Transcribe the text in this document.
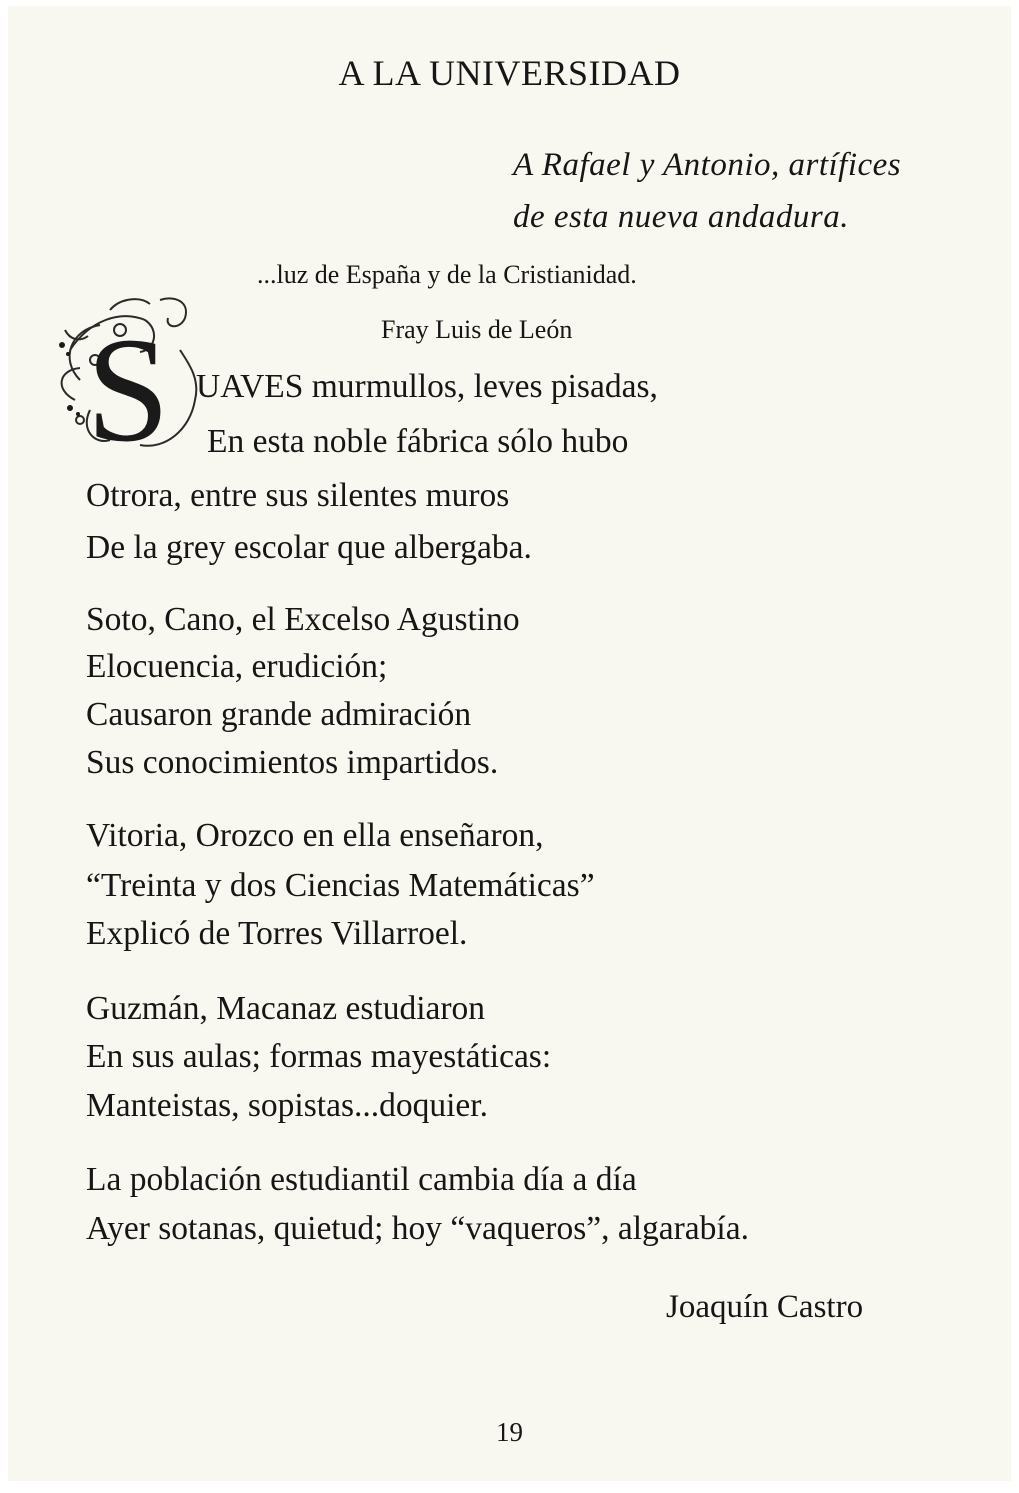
A LA UNIVERSIDAD
A Rafael y Antonio, artífices
de esta nueva andadura.
...luz de España y de la Cristianidad.
Fray Luis de León
S UAVES murmullos, leves pisadas,
En esta noble fábrica sólo hubo
Otrora, entre sus silentes muros
De la grey escolar que albergaba.
Soto, Cano, el Excelso Agustino
Elocuencia, erudición;
Causaron grande admiración
Sus conocimientos impartidos.
Vitoria, Orozco en ella enseñaron,
“Treinta y dos Ciencias Matemáticas”
Explicó de Torres Villarroel.
Guzmán, Macanaz estudiaron
En sus aulas; formas mayestáticas:
Manteistas, sopistas...doquier.
La población estudiantil cambia día a día
Ayer sotanas, quietud; hoy “vaqueros”, algarabía.
Joaquín Castro
19
